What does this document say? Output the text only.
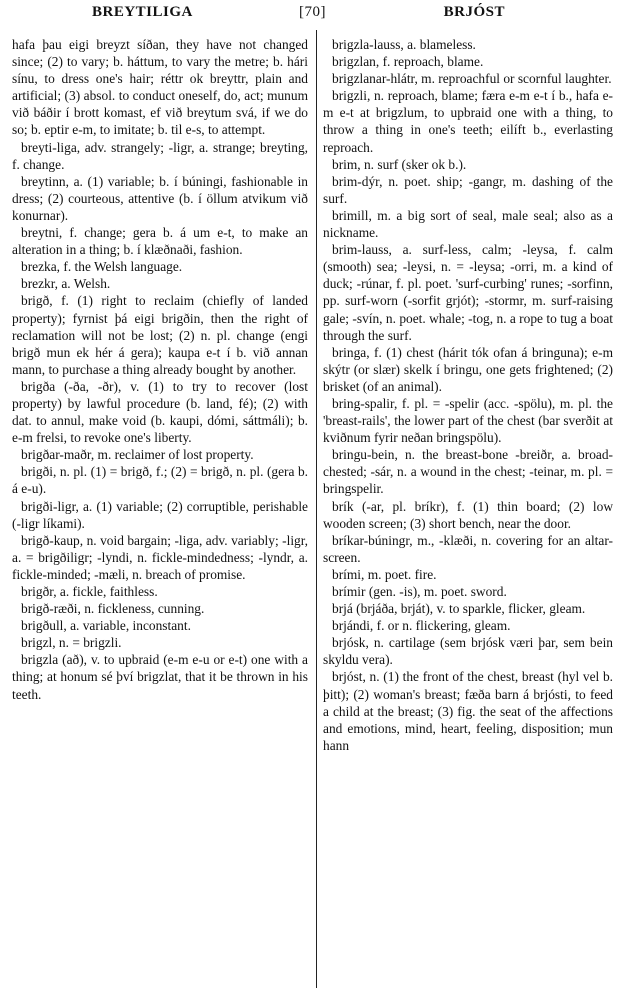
BREYTILIGA	[70]	BRJÓST
hafa þau eigi breyzt síðan, they have not changed since; (2) to vary; b. háttum, to vary the metre; b. hári sínu, to dress one's hair; réttr ok breyttr, plain and artificial; (3) absol. to conduct oneself, do, act; munum við báðir í brott komast, ef við breytum svá, if we do so; b. eptir e-m, to imitate; b. til e-s, to attempt.
breyti-liga, adv. strangely; -ligr, a. strange; breyting, f. change.
breytinn, a. (1) variable; b. í búningi, fashionable in dress; (2) courteous, attentive (b. í öllum atvikum við konurnar).
breytni, f. change; gera b. á um e-t, to make an alteration in a thing; b. í klæðnaði, fashion.
brezka, f. the Welsh language.
brezkr, a. Welsh.
brigð, f. (1) right to reclaim (chiefly of landed property); fyrnist þá eigi brigðin, then the right of reclamation will not be lost; (2) n. pl. change (engi brigð mun ek hér á gera); kaupa e-t í b. við annan mann, to purchase a thing already bought by another.
brigða (-ða, -ðr), v. (1) to try to recover (lost property) by lawful procedure (b. land, fé); (2) with dat. to annul, make void (b. kaupi, dómi, sáttmáli); b. e-m frelsi, to revoke one's liberty.
brigðar-maðr, m. reclaimer of lost property.
brigði, n. pl. (1) = brigð, f.; (2) = brigð, n. pl. (gera b. á e-u).
brigði-ligr, a. (1) variable; (2) corruptible, perishable (-ligr líkami).
brigð-kaup, n. void bargain; -liga, adv. variably; -ligr, a. = brigðiligr; -lyndi, n. fickle-mindedness; -lyndr, a. fickle-minded; -mæli, n. breach of promise.
brigðr, a. fickle, faithless.
brigð-ræði, n. fickleness, cunning.
brigðull, a. variable, inconstant.
brigzl, n. = brigzli.
brigzla (að), v. to upbraid (e-m e-u or e-t) one with a thing; at honum sé því brigzlat, that it be thrown in his teeth.
brigzla-lauss, a. blameless.
brigzlan, f. reproach, blame.
brigzlanar-hlátr, m. reproachful or scornful laughter.
brigzli, n. reproach, blame; færa e-m e-t í b., hafa e-m e-t at brigzlum, to upbraid one with a thing, to throw a thing in one's teeth; eilíft b., everlasting reproach.
brim, n. surf (sker ok b.).
brim-dýr, n. poet. ship; -gangr, m. dashing of the surf.
brimill, m. a big sort of seal, male seal; also as a nickname.
brim-lauss, a. surf-less, calm; -leysa, f. calm (smooth) sea; -leysi, n. = -leysa; -orri, m. a kind of duck; -rúnar, f. pl. poet. 'surf-curbing' runes; -sorfinn, pp. surf-worn (-sorfit grjót); -stormr, m. surf-raising gale; -svín, n. poet. whale; -tog, n. a rope to tug a boat through the surf.
bringa, f. (1) chest (hárit tók ofan á bringuna); e-m skýtr (or slær) skelk í bringu, one gets frightened; (2) brisket (of an animal).
bring-spalir, f. pl. = -spelir (acc. -spölu), m. pl. the 'breast-rails', the lower part of the chest (bar sverðit at kviðnum fyrir neðan bringspölu).
bringu-bein, n. the breast-bone -breiðr, a. broad-chested; -sár, n. a wound in the chest; -teinar, m. pl. = bringspelir.
brík (-ar, pl. bríkr), f. (1) thin board; (2) low wooden screen; (3) short bench, near the door.
bríkar-búningr, m., -klæði, n. covering for an altar-screen.
brími, m. poet. fire.
brímir (gen. -is), m. poet. sword.
brjá (brjáða, brját), v. to sparkle, flicker, gleam.
brjándi, f. or n. flickering, gleam.
brjósk, n. cartilage (sem brjósk væri þar, sem bein skyldu vera).
brjóst, n. (1) the front of the chest, breast (hyl vel b. þitt); (2) woman's breast; fæða barn á brjósti, to feed a child at the breast; (3) fig. the seat of the affections and emotions, mind, heart, feeling, disposition; mun hann
